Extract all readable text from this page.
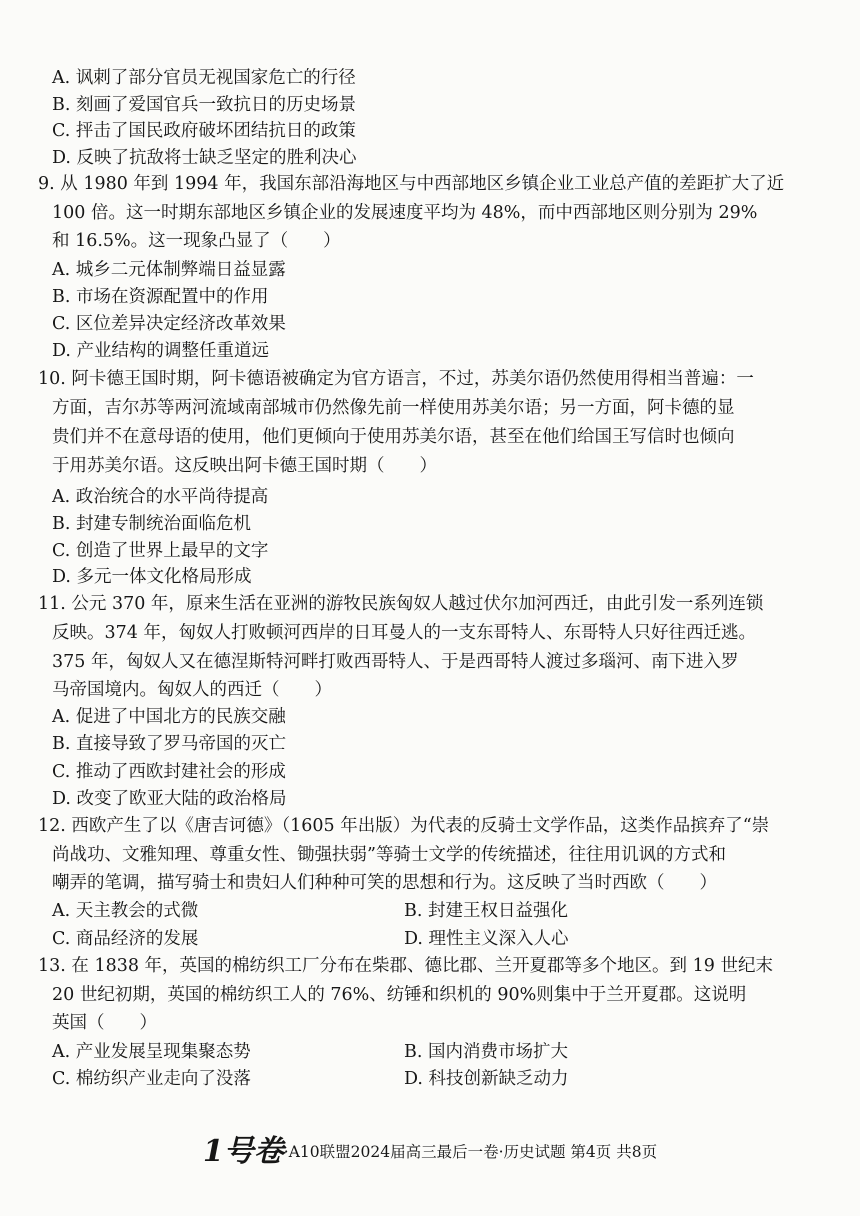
A. 讽刺了部分官员无视国家危亡的行径
B. 刻画了爱国官兵一致抗日的历史场景
C. 抨击了国民政府破坏团结抗日的政策
D. 反映了抗敌将士缺乏坚定的胜利决心
9. 从 1980 年到 1994 年，我国东部沿海地区与中西部地区乡镇企业工业总产值的差距扩大了近
100 倍。这一时期东部地区乡镇企业的发展速度平均为 48%，而中西部地区则分别为 29%
和 16.5%。这一现象凸显了（　　）
A. 城乡二元体制弊端日益显露
B. 市场在资源配置中的作用
C. 区位差异决定经济改革效果
D. 产业结构的调整任重道远
10. 阿卡德王国时期，阿卡德语被确定为官方语言，不过，苏美尔语仍然使用得相当普遍：一
方面，吉尔苏等两河流域南部城市仍然像先前一样使用苏美尔语；另一方面，阿卡德的显
贵们并不在意母语的使用，他们更倾向于使用苏美尔语，甚至在他们给国王写信时也倾向
于用苏美尔语。这反映出阿卡德王国时期（　　）
A. 政治统合的水平尚待提高
B. 封建专制统治面临危机
C. 创造了世界上最早的文字
D. 多元一体文化格局形成
11. 公元 370 年，原来生活在亚洲的游牧民族匈奴人越过伏尔加河西迁，由此引发一系列连锁
反映。374 年，匈奴人打败顿河西岸的日耳曼人的一支东哥特人、东哥特人只好往西迁逃。
375 年，匈奴人又在德涅斯特河畔打败西哥特人、于是西哥特人渡过多瑙河、南下进入罗
马帝国境内。匈奴人的西迁（　　）
A. 促进了中国北方的民族交融
B. 直接导致了罗马帝国的灭亡
C. 推动了西欧封建社会的形成
D. 改变了欧亚大陆的政治格局
12. 西欧产生了以《唐吉诃德》（1605 年出版）为代表的反骑士文学作品，这类作品摈弃了“崇
尚战功、文雅知理、尊重女性、锄强扶弱”等骑士文学的传统描述，往往用讥讽的方式和
嘲弄的笔调，描写骑士和贵妇人们种种可笑的思想和行为。这反映了当时西欧（　　）
A. 天主教会的式微	B. 封建王权日益强化
C. 商品经济的发展	D. 理性主义深入人心
13. 在 1838 年，英国的棉纺织工厂分布在柴郡、德比郡、兰开夏郡等多个地区。到 19 世纪末
20 世纪初期，英国的棉纺织工人的 76%、纺锤和织机的 90%则集中于兰开夏郡。这说明
英国（　　）
A. 产业发展呈现集聚态势	B. 国内消费市场扩大
C. 棉纺织产业走向了没落	D. 科技创新缺乏动力
1号卷·A10联盟2024届高三最后一卷·历史试题 第4页 共8页
